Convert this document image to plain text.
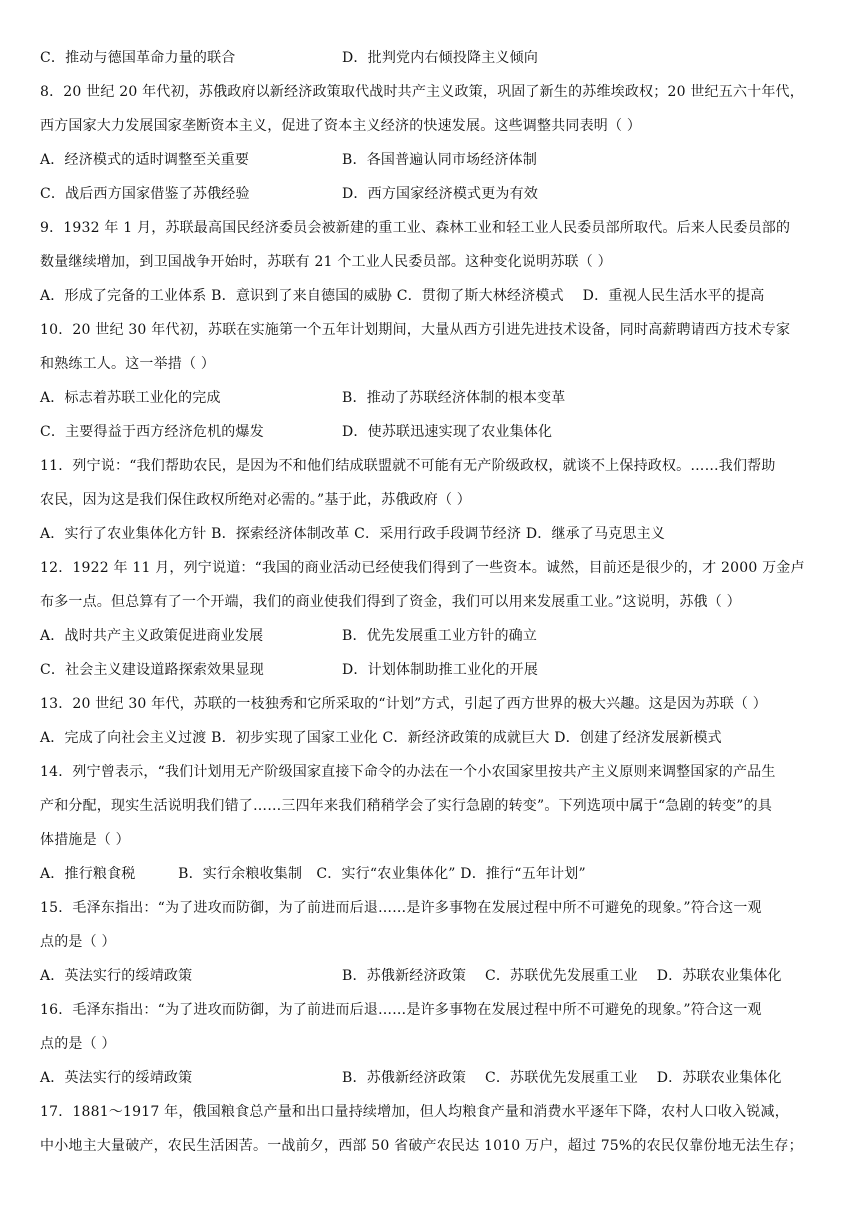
C．推动与德国革命力量的联合	D．批判党内右倾投降主义倾向
8．20 世纪 20 年代初，苏俄政府以新经济政策取代战时共产主义政策，巩固了新生的苏维埃政权；20 世纪五六十年代，
西方国家大力发展国家垄断资本主义，促进了资本主义经济的快速发展。这些调整共同表明（ ）
A．经济模式的适时调整至关重要	B．各国普遍认同市场经济体制
C．战后西方国家借鉴了苏俄经验	D．西方国家经济模式更为有效
9．1932 年 1 月，苏联最高国民经济委员会被新建的重工业、森林工业和轻工业人民委员部所取代。后来人民委员部的
数量继续增加，到卫国战争开始时，苏联有 21 个工业人民委员部。这种变化说明苏联（ ）
A．形成了完备的工业体系 B．意识到了来自德国的威胁 C．贯彻了斯大林经济模式　 D．重视人民生活水平的提高
10．20 世纪 30 年代初，苏联在实施第一个五年计划期间，大量从西方引进先进技术设备，同时高薪聘请西方技术专家
和熟练工人。这一举措（ ）
A．标志着苏联工业化的完成	B．推动了苏联经济体制的根本变革
C．主要得益于西方经济危机的爆发	D．使苏联迅速实现了农业集体化
11．列宁说：“我们帮助农民，是因为不和他们结成联盟就不可能有无产阶级政权，就谈不上保持政权。……我们帮助
农民，因为这是我们保住政权所绝对必需的。”基于此，苏俄政府（ ）
A．实行了农业集体化方针 B．探索经济体制改革 C．采用行政手段调节经济 D．继承了马克思主义
12．1922 年 11 月，列宁说道：“我国的商业活动已经使我们得到了一些资本。诚然，目前还是很少的，才 2000 万金卢
布多一点。但总算有了一个开端，我们的商业使我们得到了资金，我们可以用来发展重工业。”这说明，苏俄（ ）
A．战时共产主义政策促进商业发展	B．优先发展重工业方针的确立
C．社会主义建设道路探索效果显现	D．计划体制助推工业化的开展
13．20 世纪 30 年代，苏联的一枝独秀和它所采取的“计划”方式，引起了西方世界的极大兴趣。这是因为苏联（ ）
A．完成了向社会主义过渡 B．初步实现了国家工业化 C．新经济政策的成就巨大 D．创建了经济发展新模式
14．列宁曾表示，“我们计划用无产阶级国家直接下命令的办法在一个小农国家里按共产主义原则来调整国家的产品生
产和分配，现实生活说明我们错了……三四年来我们稍稍学会了实行急剧的转变”。下列选项中属于“急剧的转变”的具
体措施是（ ）
A．推行粮食税　　　B．实行余粮收集制　C．实行“农业集体化” D．推行“五年计划”
15．毛泽东指出：“为了进攻而防御，为了前进而后退……是许多事物在发展过程中所不可避免的现象。”符合这一观
点的是（ ）
A．英法实行的绥靖政策	B．苏俄新经济政策　 C．苏联优先发展重工业　 D．苏联农业集体化
16．毛泽东指出：“为了进攻而防御，为了前进而后退……是许多事物在发展过程中所不可避免的现象。”符合这一观
点的是（ ）
A．英法实行的绥靖政策	B．苏俄新经济政策　 C．苏联优先发展重工业　 D．苏联农业集体化
17．1881～1917 年，俄国粮食总产量和出口量持续增加，但人均粮食产量和消费水平逐年下降，农村人口收入锐减，
中小地主大量破产，农民生活困苦。一战前夕，西部 50 省破产农民达 1010 万户，超过 75%的农民仅靠份地无法生存；
